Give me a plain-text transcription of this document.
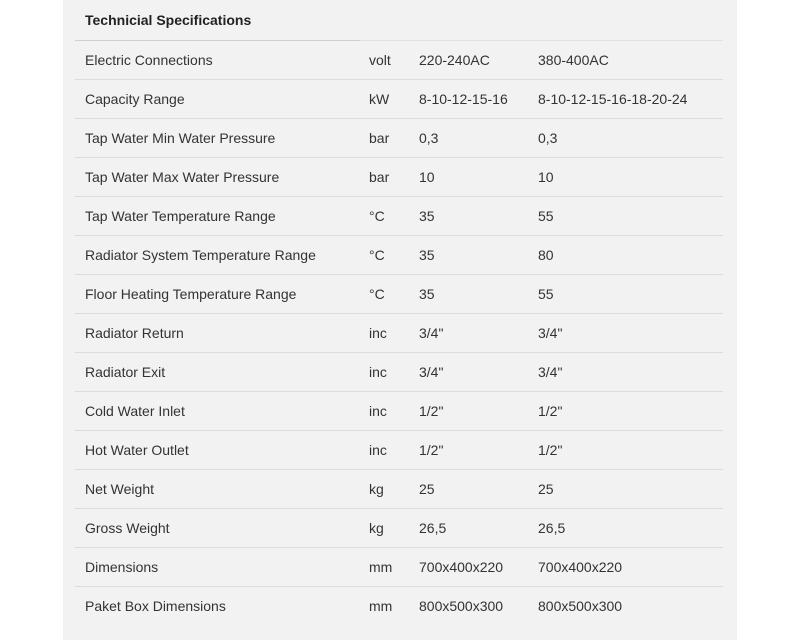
Technicial Specifications			
Electric Connections	volt	220-240AC	380-400AC
Capacity Range	kW	8-10-12-15-16	8-10-12-15-16-18-20-24
Tap Water Min Water Pressure	bar	0,3	0,3
Tap Water Max Water Pressure	bar	10	10
Tap Water Temperature Range	°C	35	55
Radiator System Temperature Range	°C	35	80
Floor Heating Temperature Range	°C	35	55
Radiator Return	inc	3/4"	3/4"
Radiator Exit	inc	3/4"	3/4"
Cold Water Inlet	inc	1/2"	1/2"
Hot Water Outlet	inc	1/2"	1/2"
Net Weight	kg	25	25
Gross Weight	kg	26,5	26,5
Dimensions	mm	700x400x220	700x400x220
Paket Box Dimensions	mm	800x500x300	800x500x300
